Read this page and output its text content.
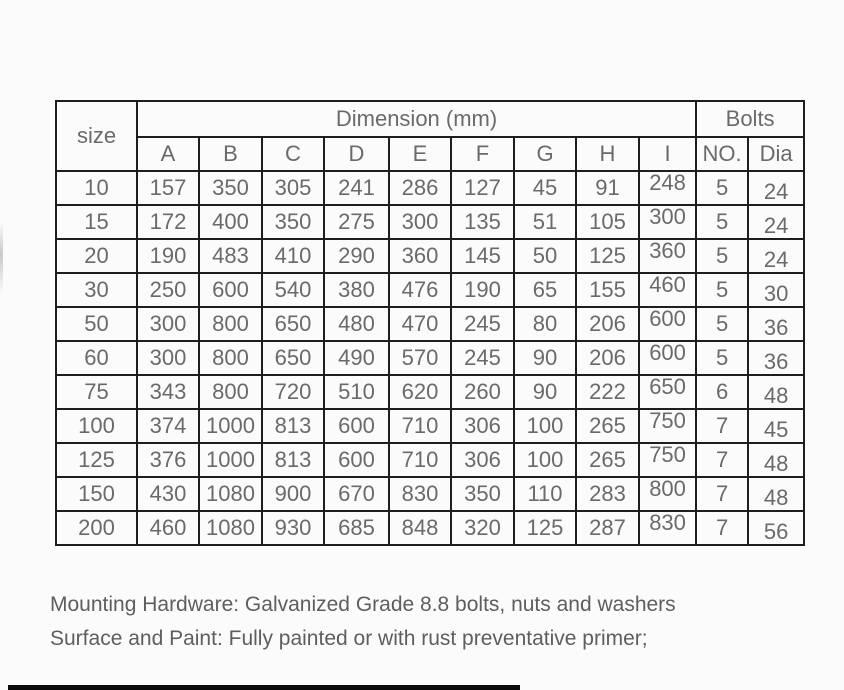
size	Dimension (mm)									Bolts	
	A	B	C	D	E	F	G	H	I	NO.	Dia
10	157	350	305	241	286	127	45	91	248	5	24
15	172	400	350	275	300	135	51	105	300	5	24
20	190	483	410	290	360	145	50	125	360	5	24
30	250	600	540	380	476	190	65	155	460	5	30
50	300	800	650	480	470	245	80	206	600	5	36
60	300	800	650	490	570	245	90	206	600	5	36
75	343	800	720	510	620	260	90	222	650	6	48
100	374	1000	813	600	710	306	100	265	750	7	45
125	376	1000	813	600	710	306	100	265	750	7	48
150	430	1080	900	670	830	350	110	283	800	7	48
200	460	1080	930	685	848	320	125	287	830	7	56
Mounting Hardware: Galvanized Grade 8.8 bolts, nuts and washers
Surface and Paint: Fully painted or with rust preventative primer;
